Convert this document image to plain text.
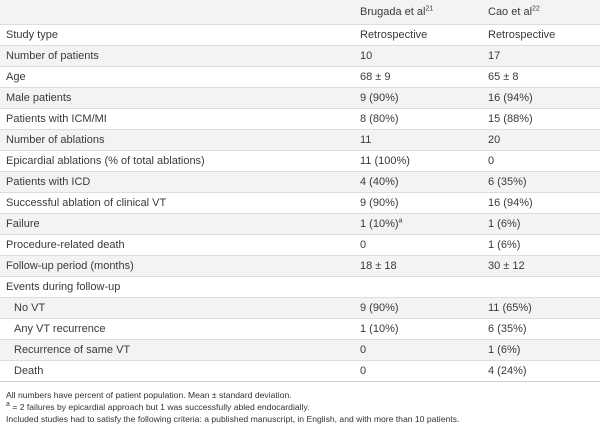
	Brugada et $al^{21}$	Cao et $al^{22}$
Study type	Retrospective	Retrospective
Number of patients	10	17
Age	68 ± 9	65 ± 8
Male patients	9 (90%)	16 (94%)
Patients with ICM/MI	8 (80%)	15 (88%)
Number of ablations	11	20
Epicardial ablations (% of total ablations)	11 (100%)	0
Patients with ICD	4 (40%)	6 (35%)
Successful ablation of clinical VT	9 (90%)	16 (94%)
Failure	1 $(10\%)^a$	1 (6%)
Procedure-related death	0	1 (6%)
Follow-up period (months)	18 ± 18	30 ± 12
Events during follow-up		
No VT	9 (90%)	11 (65%)
Any VT recurrence	1 (10%)	6 (35%)
Recurrence of same VT	0	1 (6%)
Death	0	4 (24%)
All numbers have percent of patient population. Mean ± standard deviation.
$^a$ = 2 failures by epicardial approach but 1 was successfully abled endocardially.
Included studies had to satisfy the following criteria: a published manuscript, in English, and with more than 10 patients.
